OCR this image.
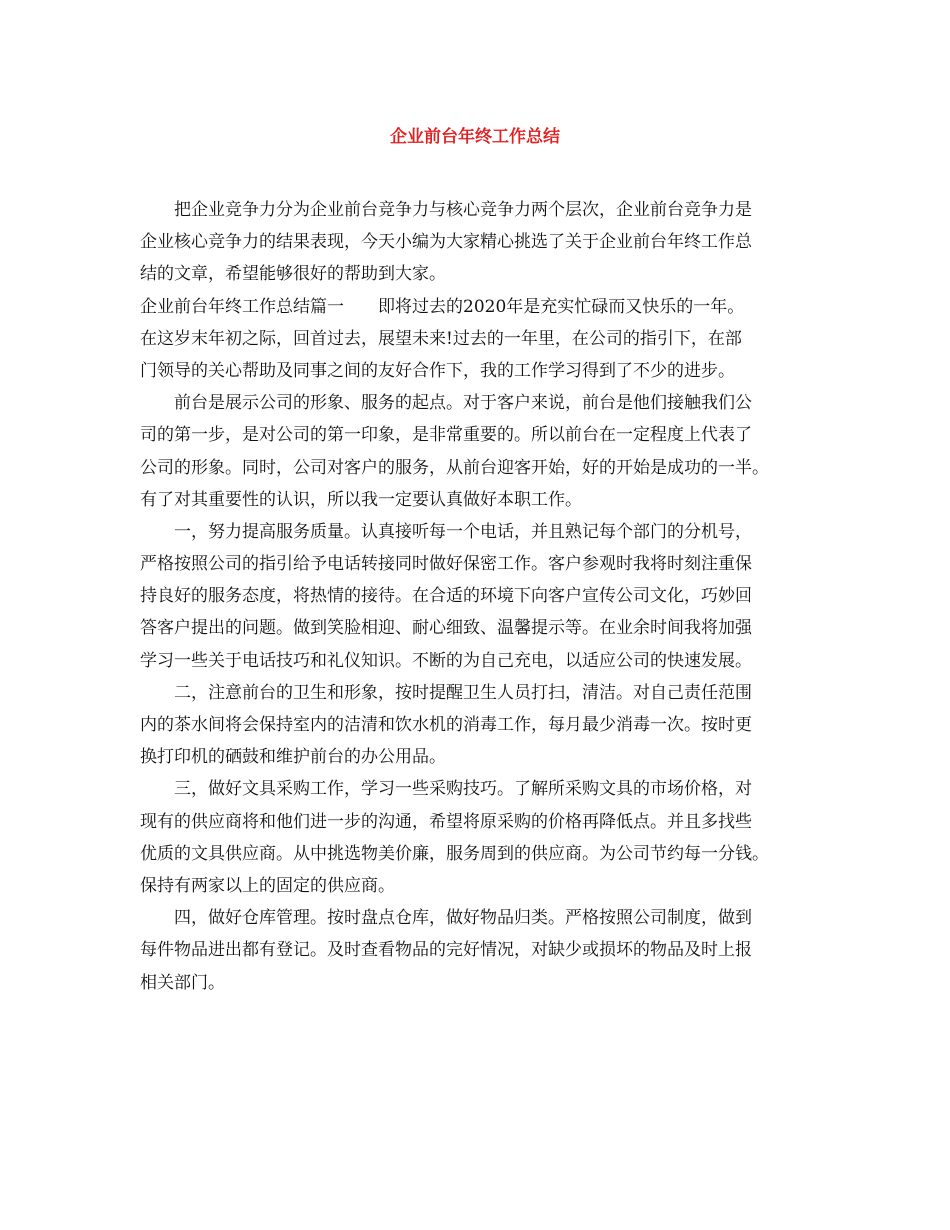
企业前台年终工作总结
把企业竞争力分为企业前台竞争力与核心竞争力两个层次，企业前台竞争力是
企业核心竞争力的结果表现，今天小编为大家精心挑选了关于企业前台年终工作总
结的文章，希望能够很好的帮助到大家。
企业前台年终工作总结篇一 即将过去的2020年是充实忙碌而又快乐的一年。
在这岁末年初之际，回首过去，展望未来!过去的一年里，在公司的指引下，在部
门领导的关心帮助及同事之间的友好合作下，我的工作学习得到了不少的进步。
前台是展示公司的形象、服务的起点。对于客户来说，前台是他们接触我们公
司的第一步，是对公司的第一印象，是非常重要的。所以前台在一定程度上代表了
公司的形象。同时，公司对客户的服务，从前台迎客开始，好的开始是成功的一半。
有了对其重要性的认识，所以我一定要认真做好本职工作。
一，努力提高服务质量。认真接听每一个电话，并且熟记每个部门的分机号，
严格按照公司的指引给予电话转接同时做好保密工作。客户参观时我将时刻注重保
持良好的服务态度，将热情的接待。在合适的环境下向客户宣传公司文化，巧妙回
答客户提出的问题。做到笑脸相迎、耐心细致、温馨提示等。在业余时间我将加强
学习一些关于电话技巧和礼仪知识。不断的为自己充电，以适应公司的快速发展。
二，注意前台的卫生和形象，按时提醒卫生人员打扫，清洁。对自己责任范围
内的茶水间将会保持室内的洁清和饮水机的消毒工作，每月最少消毒一次。按时更
换打印机的硒鼓和维护前台的办公用品。
三，做好文具采购工作，学习一些采购技巧。了解所采购文具的市场价格，对
现有的供应商将和他们进一步的沟通，希望将原采购的价格再降低点。并且多找些
优质的文具供应商。从中挑选物美价廉，服务周到的供应商。为公司节约每一分钱。
保持有两家以上的固定的供应商。
四，做好仓库管理。按时盘点仓库，做好物品归类。严格按照公司制度，做到
每件物品进出都有登记。及时查看物品的完好情况，对缺少或损坏的物品及时上报
相关部门。
